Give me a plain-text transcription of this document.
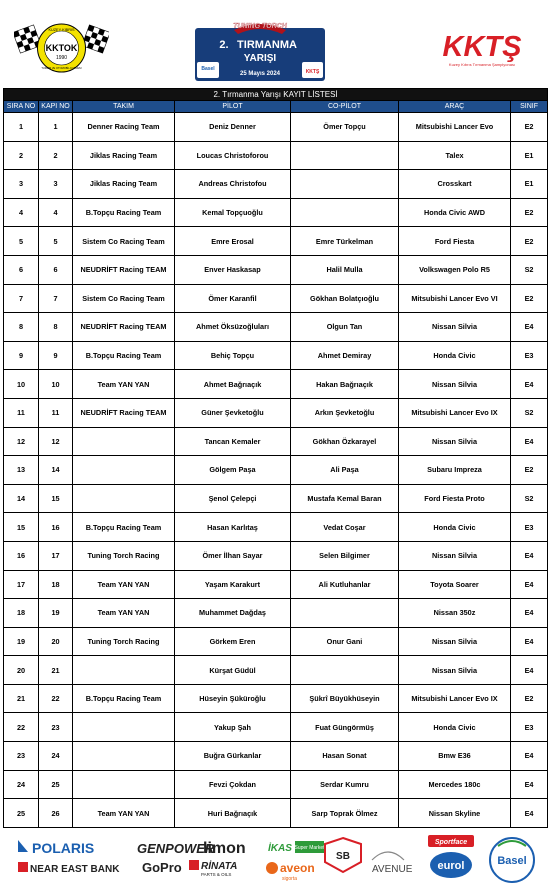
KUZEY KIBRIS
KKTOK
1990
TURİZM VE OTOMOBİL KURUMU
TUNING TORCH
2. TIRMANMA
YARIŞI
25 Mayıs 2024
Basel	KKTŞ
KKTŞ
Kuzey Kıbrıs Tırmanma Şampiyonası
2. Tırmanma Yarışı KAYIT LİSTESİ						
SIRA NO	KAPI NO	TAKIM	PİLOT	CO-PİLOT	ARAÇ	SINIF
1	1	Denner Racing Team	Deniz Denner	Ömer Topçu	Mitsubishi Lancer Evo	E2
2	2	Jiklas Racing Team	Loucas Christoforou		Talex	E1
3	3	Jiklas Racing Team	Andreas Christofou		Crosskart	E1
4	4	B.Topçu Racing Team	Kemal Topçuoğlu		Honda Civic AWD	E2
5	5	Sistem Co Racing Team	Emre Erosal	Emre Türkelman	Ford Fiesta	E2
6	6	NEUDRİFT Racing TEAM	Enver Haskasap	Halil Mulla	Volkswagen Polo R5	S2
7	7	Sistem Co Racing Team	Ömer Karanfil	Gökhan Bolatçıoğlu	Mitsubishi Lancer Evo VI	E2
8	8	NEUDRİFT Racing TEAM	Ahmet Öksüzoğluları	Olgun Tan	Nissan Silvia	E4
9	9	B.Topçu Racing Team	Behiç Topçu	Ahmet Demiray	Honda Civic	E3
10	10	Team YAN YAN	Ahmet Bağrıaçık	Hakan Bağrıaçık	Nissan Silvia	E4
11	11	NEUDRİFT Racing TEAM	Güner Şevketoğlu	Arkın Şevketoğlu	Mitsubishi Lancer Evo IX	S2
12	12		Tancan Kemaler	Gökhan Özkarayel	Nissan Silvia	E4
13	14		Gölgem Paşa	Ali Paşa	Subaru Impreza	E2
14	15		Şenol Çelepçi	Mustafa Kemal Baran	Ford Fiesta Proto	S2
15	16	B.Topçu Racing Team	Hasan Karlıtaş	Vedat Coşar	Honda Civic	E3
16	17	Tuning Torch Racing	Ömer İlhan Sayar	Selen Bilgimer	Nissan Silvia	E4
17	18	Team YAN YAN	Yaşam Karakurt	Ali Kutluhanlar	Toyota Soarer	E4
18	19	Team YAN YAN	Muhammet Dağdaş		Nissan 350z	E4
19	20	Tuning Torch Racing	Görkem Eren	Onur Gani	Nissan Silvia	E4
20	21		Kürşat Güdül		Nissan Silvia	E4
21	22	B.Topçu Racing Team	Hüseyin Şükürоğlu	Şükrî Büyükhüseyin	Mitsubishi Lancer Evo IX	E2
22	23		Yakup Şah	Fuat Güngörmüş	Honda Civic	E3
23	24		Buğra Gürkanlar	Hasan Sonat	Bmw E36	E4
24	25		Fevzi Çokdan	Serdar Kumru	Mercedes 180c	E4
25	26	Team YAN YAN	Huri Bağrıaçık	Sarp Toprak Ölmez	Nissan Skyline	E4
POLARIS
NEAR EAST BANK
GENPOWER
GoPro
limon
RİNATA
PARTS & OILS
İKAS Super Market
aveon
sigorta
SB
AVENUE
Sportface
eurol	Basel
